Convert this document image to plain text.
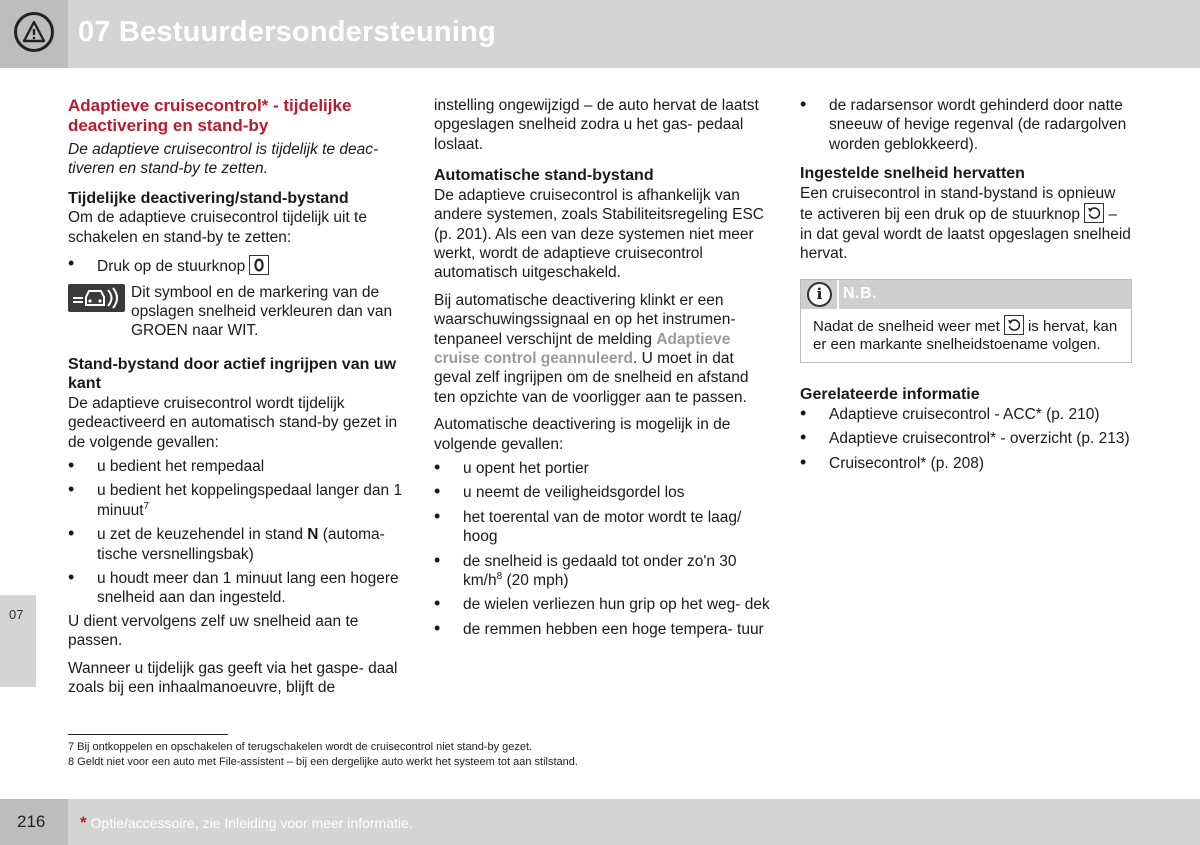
07 Bestuurdersondersteuning
07
Adaptieve cruisecontrol* - tijdelijke deactivering en stand-by
De adaptieve cruisecontrol is tijdelijk te deac- tiveren en stand-by te zetten.
Tijdelijke deactivering/stand-bystand
Om de adaptieve cruisecontrol tijdelijk uit te schakelen en stand-by te zetten:
• Druk op de stuurknop
Dit symbool en de markering van de opslagen snelheid verkleuren dan van GROEN naar WIT.
Stand-bystand door actief ingrijpen van uw kant
De adaptieve cruisecontrol wordt tijdelijk gedeactiveerd en automatisch stand-by gezet in de volgende gevallen:
• u bedient het rempedaal
• u bedient het koppelingspedaal langer dan 1 minuut$^7$
• u zet de keuzehendel in stand N (automa- tische versnellingsbak)
• u houdt meer dan 1 minuut lang een hogere snelheid aan dan ingesteld.
U dient vervolgens zelf uw snelheid aan te passen.
Wanneer u tijdelijk gas geeft via het gaspe- daal zoals bij een inhaalmanoeuvre, blijft de
instelling ongewijzigd – de auto hervat de laatst opgeslagen snelheid zodra u het gas- pedaal loslaat.
Automatische stand-bystand
De adaptieve cruisecontrol is afhankelijk van andere systemen, zoals Stabiliteitsregeling ESC (p. 201). Als een van deze systemen niet meer werkt, wordt de adaptieve cruisecontrol automatisch uitgeschakeld.
Bij automatische deactivering klinkt er een waarschuwingssignaal en op het instrumen- tenpaneel verschijnt de melding Adaptieve cruise control geannuleerd. U moet in dat geval zelf ingrijpen om de snelheid en afstand ten opzichte van de voorligger aan te passen.
Automatische deactivering is mogelijk in de volgende gevallen:
• u opent het portier
• u neemt de veiligheidsgordel los
• het toerental van de motor wordt te laag/ hoog
• de snelheid is gedaald tot onder zo'n 30 $km/h^8$ (20 mph)
• de wielen verliezen hun grip op het weg- dek
• de remmen hebben een hoge tempera- tuur
• de radarsensor wordt gehinderd door natte sneeuw of hevige regenval (de radargolven worden geblokkeerd).
Ingestelde snelheid hervatten
Een cruisecontrol in stand-bystand is opnieuw te activeren bij een druk op de stuurknop
– in dat geval wordt de laatst opgeslagen snelheid hervat.
i	N.B.
Nadat de snelheid weer met
is hervat, kan er een markante snelheidstoename volgen.
Gerelateerde informatie
• Adaptieve cruisecontrol - ACC* (p. 210)
• Adaptieve cruisecontrol* - overzicht (p. 213)
• Cruisecontrol* (p. 208)
7 Bij ontkoppelen en opschakelen of terugschakelen wordt de cruisecontrol niet stand-by gezet.
8 Geldt niet voor een auto met File-assistent – bij een dergelijke auto werkt het systeem tot aan stilstand.
216 * Optie/accessoire, zie Inleiding voor meer informatie.
